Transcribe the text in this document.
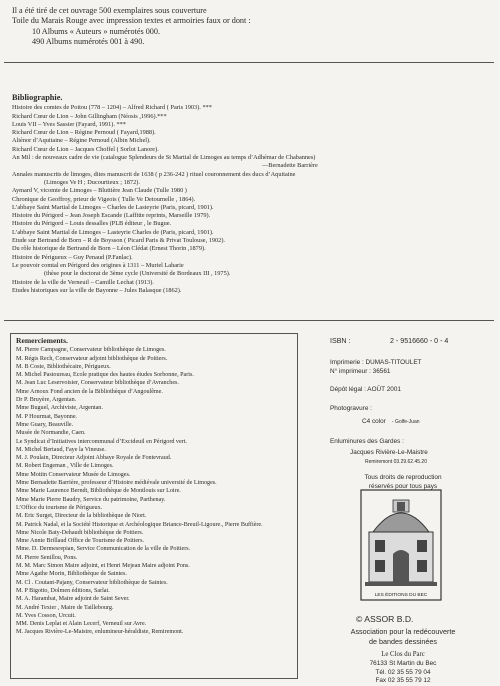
Il a été tiré de cet ouvrage 500 exemplaires sous couverture
Toile du Marais Rouge avec impression textes et armoiries faux or dont :
10 Albums « Auteurs » numérotés 000.
490 Albums numérotés 001 à 490.
Bibliographie.
Histoire des comtes de Poitou (778 – 1204) – Alfred Richard ( Paris 1903). ***
Richard Cœur de Lion – John Gillingham (Néosis ,1996).***
Louis VII – Yves Sassier (Fayard, 1991). ***
Richard Cœur de Lion – Régine Pernoud ( Fayard,1988).
Aliénor d’Aquitaine – Régine Pernoud (Albin Michel).
Richard Cœur de Lion – Jacques Choffel ( Sorlot Lanore).
An Mil : de nouveaux cadre de vie (catalogue Splendeurs de St Martial de Limoges au temps d’Adhémar de Chabannes)
—Bernadette Barrière
Annales manuscrits de limoges, dites manuscrit de 1638 ( p 236-242 ) rituel couronnement des ducs d’Aquitaine
(Limoges Ve H ; Ducourtieux ; 1872).
Aymard V, vicomte de Limoges – Bluttière Jean Claude (Tulle 1980 )
Chronique de Geoffroy, prieur de Vigeois ( Tulle Ve Detournelle , 1864).
L’abbaye Saint Martial de Limoges – Charles de Lasteyrie (Paris, picard, 1901).
Histoire du Périgord – Jean Joseph Escande (Laffitte reprints, Marseille 1979).
Histoire du Périgord – Louis dessalles (PLB éditeur , le Bugue.
L’abbaye Saint Martial de Limoges – Lasteyrie Charles de (Paris, picard, 1901).
Etude sur Bertrand de Born – R de Boysson ( Picard Paris & Privat Toulouse, 1902).
Du rôle historique de Bertrand de Born – Léon Clédat (Ernest Thorin ,1879).
Histoire de Périgueux – Guy Penaud (P.Fanlac).
Le pouvoir comtal en Périgord des origines à 1311 – Muriel Laharie
(thèse pour le doctorat de 3ème cycle (Université de Bordeaux III , 1975).
Histoire de la ville de Verneuil – Camille Lechat (1913).
Etudes historiques sur la ville de Bayonne – Jules Balasque (1862).
Remerciements.
M. Pierre Campagne, Conservateur bibliothèque de Limoges.
M. Régis Rech, Conservateur adjoint bibliothèque de Poitiers.
M. B Coste, Bibliothécaire, Périgueux.
M. Michel Pastoureau, Ecole pratique des hautes études Sorbonne, Paris.
M. Jean Luc Leservoisier, Conservateur bibliothèque d’Avranches.
Mme Arnoux Fond ancien de la Bibliothèque d’Angoulême.
Dr P. Bruyère, Argentan.
Mme Buguel, Archiviste, Argentan.
M. P Hourmat, Bayonne.
Mme Guary, Beauville.
Musée de Normandie, Caen.
Le Syndicat d’Initiatives intercommunal d’Excideuil en Périgord vert.
M. Michel Bertaud, Faye la Vineuse.
M. J. Poulain, Directeur Adjoint Abbaye Royale de Fontevraud.
M. Robert Engeman , Ville de Limoges.
Mme Mottin Conservateur Musée de Limoges.
Mme Bernadette Barrière, professeur d’Histoire médiévale université de Limoges.
Mme Marie Laurence Berndt, Bibliothèque de Montlouis sur Loire.
Mme Marie Pierre Baudry, Service du patrimoine, Parthenay.
L’Office du tourisme de Périgueux.
M. Eric Surget, Directeur de la bibliothèque de Niort.
M. Patrick Nadal, et la Société Historique et Archéologique Briance-Breuil-Ligoure., Pierre Buffière.
Mme Nicole Baty-Dehaudt bibliothèque de Poitiers.
Mme Annie Brillaud Office de Tourisme de Poitiers.
Mme. D. Dermesrepian, Service Communication de la ville de Poitiers.
M. Pierre Senillou, Pons.
M. M. Marc Simon Maire adjoint, et Henri Mejean Maire adjoint Pons.
Mme Agathe Morin, Bibliothèque de Saintes.
M. Cl . Coutant-Pajany, Conservateur bibliothèque de Saintes.
M. P Bigotto, Dolmen éditions, Sarlat.
M. A. Harambat, Maire adjoint de Saint Sever.
M. André Texier , Maire de Taillebourg.
M. Yves Cosson, Urcuit.
MM. Denis Leplat et Alain Lecerf, Verneuil sur Avre.
M. Jacques Rivière-Le-Maistre, enlumineur-héraldiste, Remiremont.
ISBN :	2 - 9516660 - 0 - 4
Imprimerie : DUMAS-TITOULET
N° imprimeur : 36561
Dépôt légal : AOÛT 2001
Photogravure :
C4 color - Golfe-Juan
Enluminures des Gardes :
Jacques Rivière-Le-Maistre
Remiremont 03.29.62.45.20
Tous droits de reproduction
réservés pour tous pays
LES ÉDITIONS DU BEC
© ASSOR B.D.
Association pour la redécouverte
de bandes dessinées
Le Clos du Parc
76133 St Martin du Bec
Tél. 02 35 55 79 04
Fax 02 35 55 79 12
